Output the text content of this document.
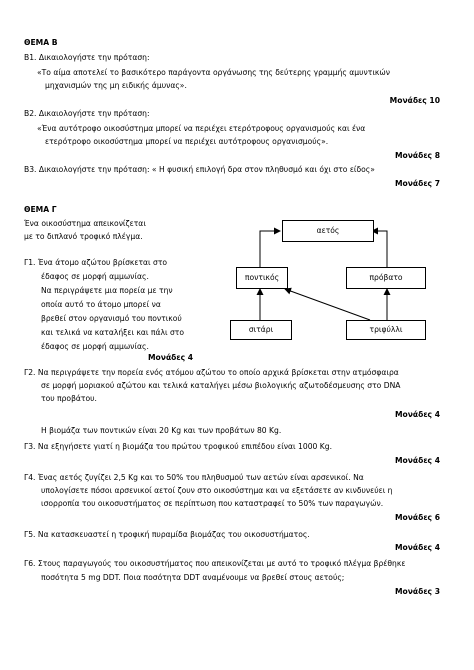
ΘΕΜΑ Β
Β1. Δικαιολογήστε την πρόταση:
«Το αίμα αποτελεί το βασικότερο παράγοντα οργάνωσης της δεύτερης γραμμής αμυντικών
μηχανισμών της μη ειδικής άμυνας».
Μονάδες 10
Β2. Δικαιολογήστε την πρόταση:
«Ένα αυτότροφο οικοσύστημα μπορεί να περιέχει ετερότροφους οργανισμούς και ένα
ετερότροφο οικοσύστημα μπορεί να περιέχει αυτότροφους οργανισμούς».
Μονάδες 8
Β3. Δικαιολογήστε την πρόταση: « Η φυσική επιλογή δρα στον πληθυσμό και όχι στο είδος»
Μονάδες 7
ΘΕΜΑ Γ
Ένα οικοσύστημα απεικονίζεται
με το διπλανό τροφικό πλέγμα.
αετός
ποντικός	πρόβατο
σιτάρι	τριφύλλι
Γ1. Ένα άτομο αζώτου βρίσκεται στο
έδαφος σε μορφή αμμωνίας.
Να περιγράψετε μια πορεία με την
οποία αυτό το άτομο μπορεί να
βρεθεί στον οργανισμό του ποντικού
και τελικά να καταλήξει και πάλι στο
έδαφος σε μορφή αμμωνίας.
Μονάδες 4
Γ2. Να περιγράψετε την πορεία ενός ατόμου αζώτου το οποίο αρχικά βρίσκεται στην ατμόσφαιρα
σε μορφή μοριακού αζώτου και τελικά καταλήγει μέσω βιολογικής αζωτοδέσμευσης στο DNA
του προβάτου.
Μονάδες 4
Η βιομάζα των ποντικών είναι 20 Kg και των προβάτων 80 Kg.
Γ3. Να εξηγήσετε γιατί η βιομάζα του πρώτου τροφικού επιπέδου είναι 1000 Kg.
Μονάδες 4
Γ4. Ένας αετός ζυγίζει 2,5 Kg και το 50% του πληθυσμού των αετών είναι αρσενικοί. Να
υπολογίσετε πόσοι αρσενικοί αετοί ζουν στο οικοσύστημα και να εξετάσετε αν κινδυνεύει η
ισορροπία του οικοσυστήματος σε περίπτωση που καταστραφεί το 50% των παραγωγών.
Μονάδες 6
Γ5. Να κατασκευαστεί η τροφική πυραμίδα βιομάζας του οικοσυστήματος.
Μονάδες 4
Γ6. Στους παραγωγούς του οικοσυστήματος που απεικονίζεται με αυτό το τροφικό πλέγμα βρέθηκε
ποσότητα 5 mg DDT. Ποια ποσότητα DDT αναμένουμε να βρεθεί στους αετούς;
Μονάδες 3
